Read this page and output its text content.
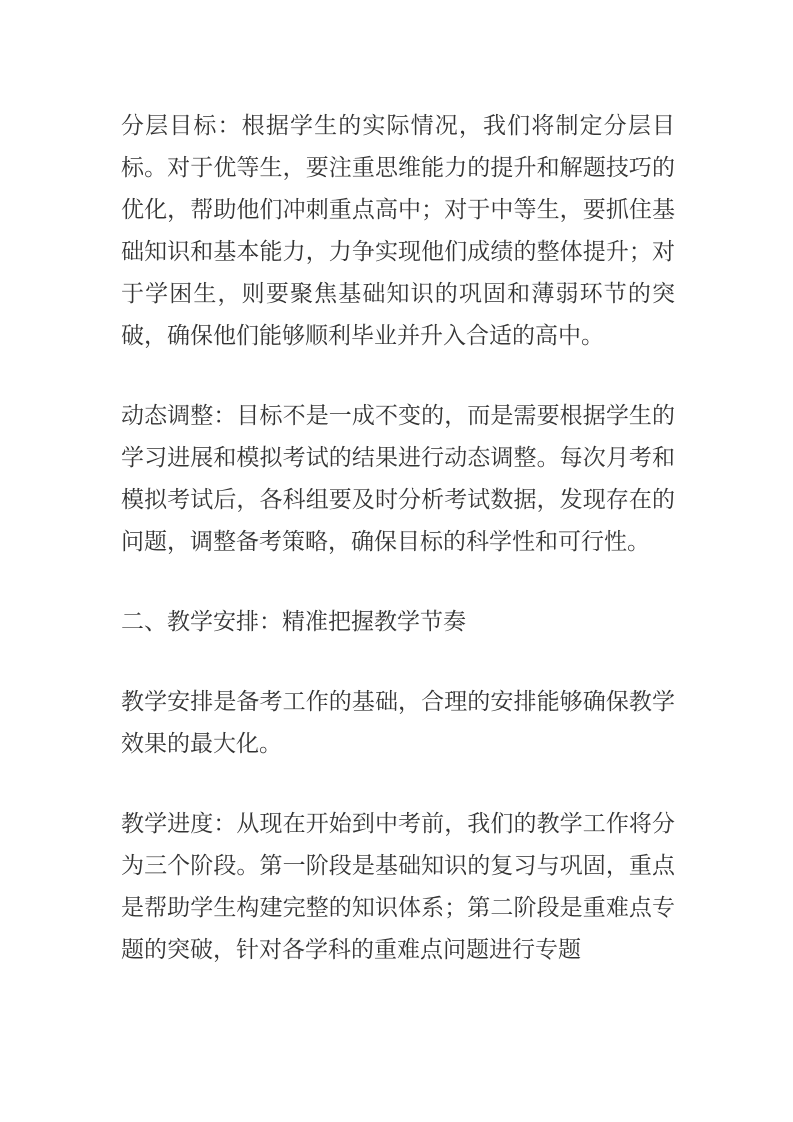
分层目标：根据学生的实际情况，我们将制定分层目标。对于优等生，要注重思维能力的提升和解题技巧的优化，帮助他们冲刺重点高中；对于中等生，要抓住基础知识和基本能力，力争实现他们成绩的整体提升；对于学困生，则要聚焦基础知识的巩固和薄弱环节的突破，确保他们能够顺利毕业并升入合适的高中。

动态调整：目标不是一成不变的，而是需要根据学生的学习进展和模拟考试的结果进行动态调整。每次月考和模拟考试后，各科组要及时分析考试数据，发现存在的问题，调整备考策略，确保目标的科学性和可行性。

二、教学安排：精准把握教学节奏

教学安排是备考工作的基础，合理的安排能够确保教学效果的最大化。

教学进度：从现在开始到中考前，我们的教学工作将分为三个阶段。第一阶段是基础知识的复习与巩固，重点是帮助学生构建完整的知识体系；第二阶段是重难点专题的突破，针对各学科的重难点问题进行专题
